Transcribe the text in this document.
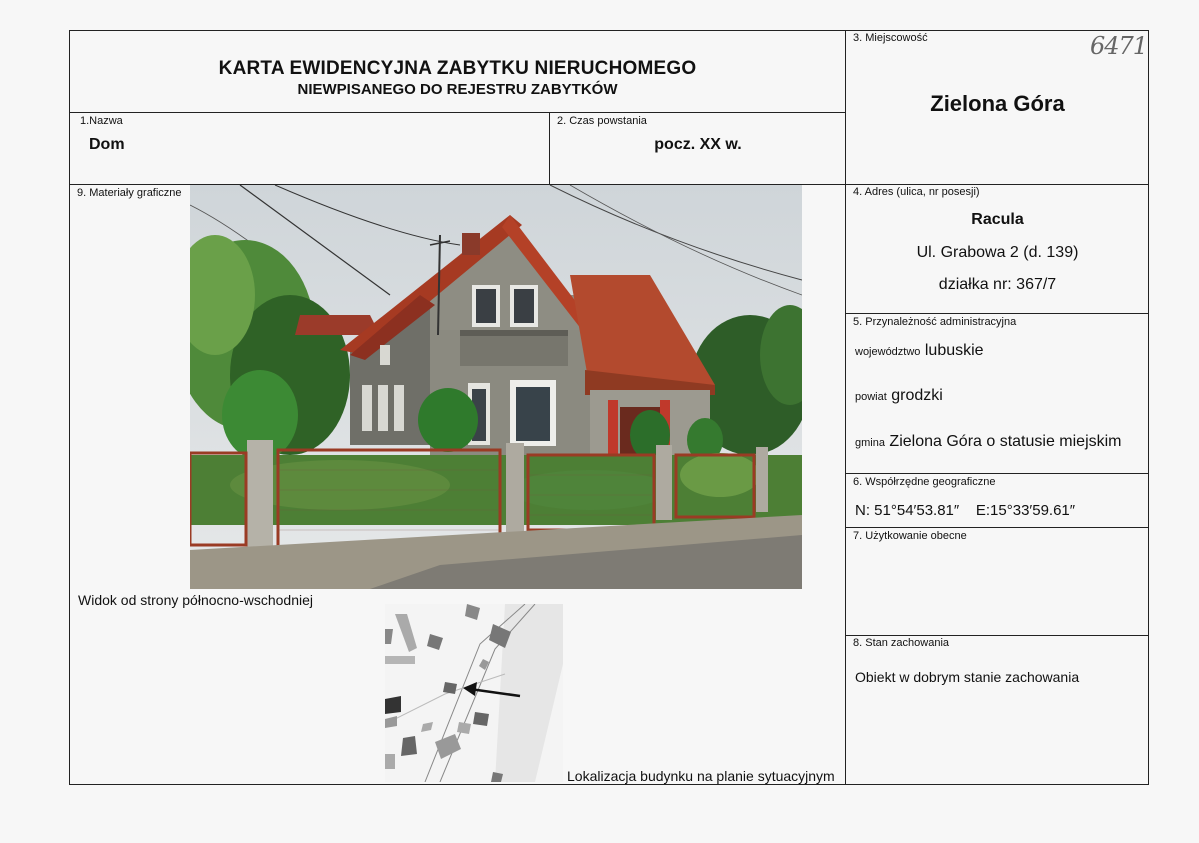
KARTA EWIDENCYJNA ZABYTKU NIERUCHOMEGO
NIEWPISANEGO DO REJESTRU ZABYTKÓW
1.Nazwa
Dom
2. Czas powstania
pocz. XX w.
3. Miejscowość
Zielona Góra
6471
4. Adres (ulica, nr posesji)
Racula
Ul. Grabowa 2 (d. 139)
działka nr: 367/7
5. Przynależność administracyjna
województwo lubuskie
powiat grodzki
gmina Zielona Góra o statusie miejskim
6. Współrzędne geograficzne
N: 51°54′53.81″ E:15°33′59.61″
7. Użytkowanie obecne
8. Stan zachowania
Obiekt w dobrym stanie zachowania
9. Materiały graficzne
Widok od strony północno-wschodniej
Lokalizacja budynku na planie sytuacyjnym
